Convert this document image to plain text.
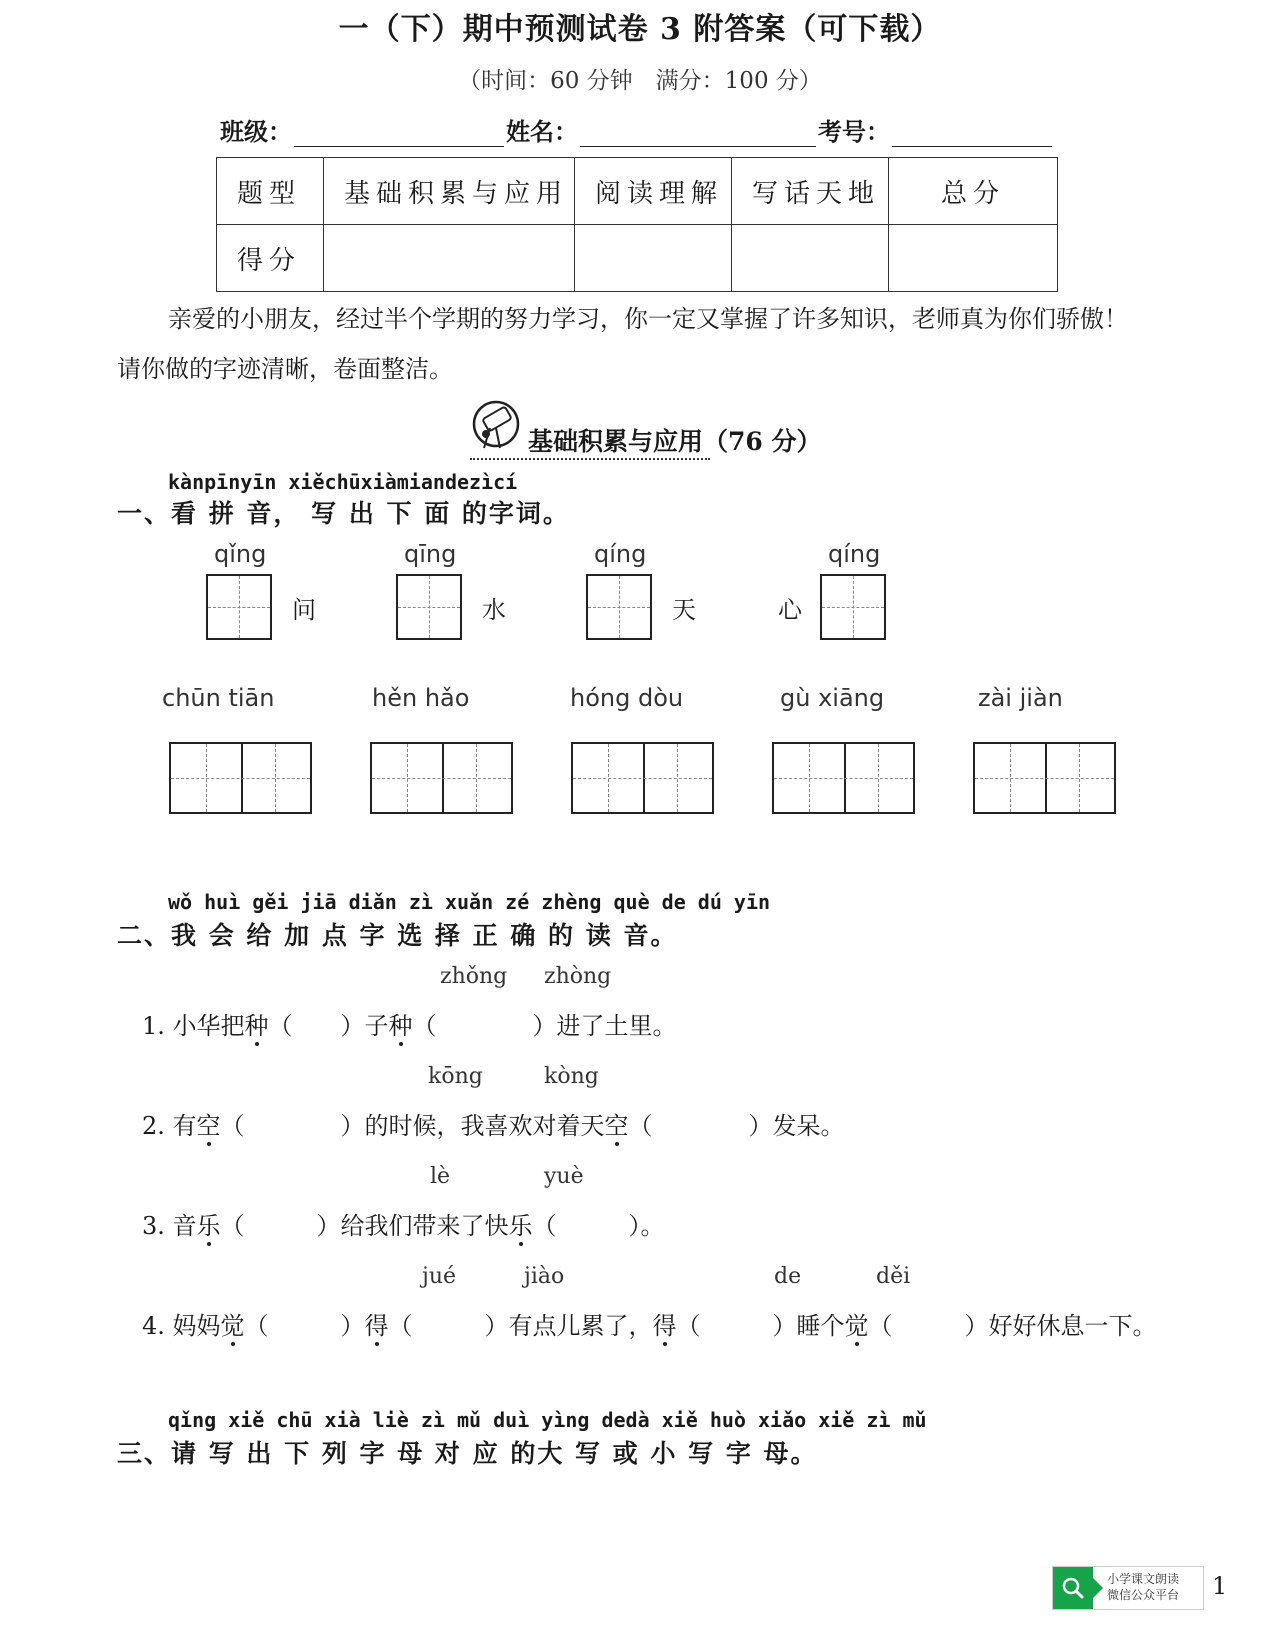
一（下）期中预测试卷 3 附答案（可下载）
（时间：60 分钟　满分：100 分）
班级：	姓名：	考号：
题型	基础积累与应用	阅读理解	写话天地	总分
得分				
亲爱的小朋友，经过半个学期的努力学习，你一定又掌握了许多知识，老师真为你们骄傲！
请你做的字迹清晰，卷面整洁。
基础积累与应用（76 分）
kànpīnyīn xiěchūxiàmiandezìcí
一、看 拼 音， 写 出 下 面 的字词。
qǐng
问
qīng
水
qíng
天	心
qíng
chūn tiān	hěn hǎo	hóng dòu	gù xiāng	zài jiàn
wǒ huì gěi jiā diǎn zì xuǎn zé zhèng què de dú yīn
二、我 会 给 加 点 字 选 择 正 确 的 读 音。
zhǒng zhòng
1. 小华把种（　　）子种（　　　　）进了土里。
kōng	kòng
2. 有空（　　　　）的时候，我喜欢对着天空（　　　　）发呆。
lè	yuè
3. 音乐（　　　）给我们带来了快乐（　　　）。
jué	jiào	de	děi
4. 妈妈觉（　　　）得（　　　）有点儿累了，得（　　　）睡个觉（　　　）好好休息一下。
qǐng xiě chū xià liè zì mǔ duì yìng dedà xiě huò xiǎo xiě zì mǔ
三、请 写 出 下 列 字 母 对 应 的大 写 或 小 写 字 母。
小学课文朗读
微信公众平台 1
